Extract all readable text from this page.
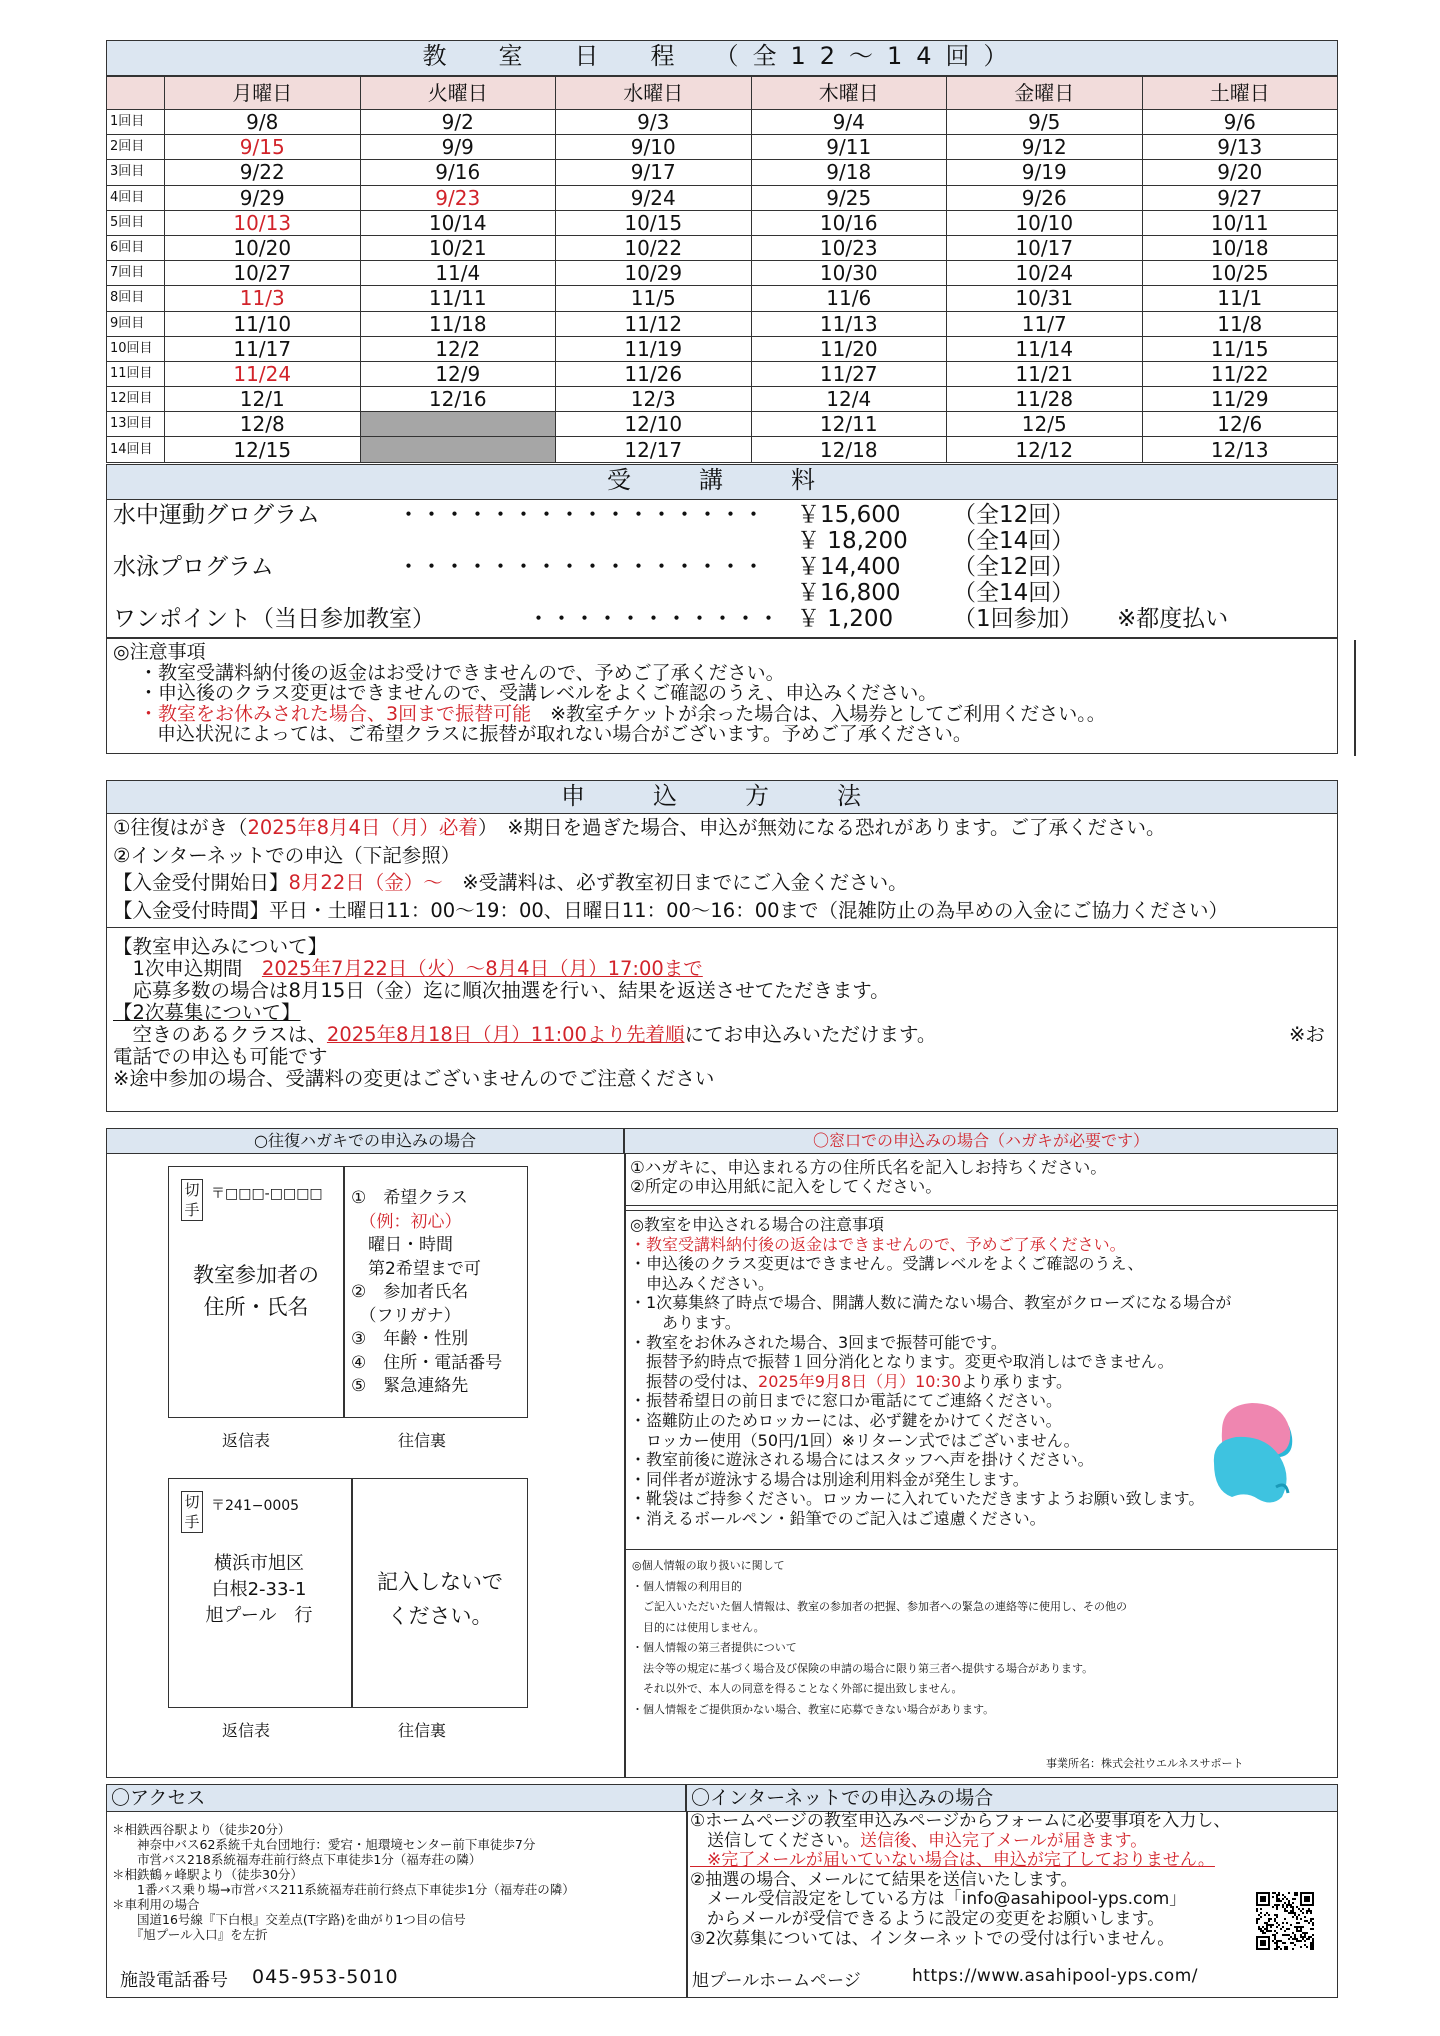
教　室　日　程　（全12～14回）
	月曜日	火曜日	水曜日	木曜日	金曜日	土曜日
1回目	9/8	9/2	9/3	9/4	9/5	9/6
2回目	9/15	9/9	9/10	9/11	9/12	9/13
3回目	9/22	9/16	9/17	9/18	9/19	9/20
4回目	9/29	9/23	9/24	9/25	9/26	9/27
5回目	10/13	10/14	10/15	10/16	10/10	10/11
6回目	10/20	10/21	10/22	10/23	10/17	10/18
7回目	10/27	11/4	10/29	10/30	10/24	10/25
8回目	11/3	11/11	11/5	11/6	10/31	11/1
9回目	11/10	11/18	11/12	11/13	11/7	11/8
10回目	11/17	12/2	11/19	11/20	11/14	11/15
11回目	11/24	12/9	11/26	11/27	11/21	11/22
12回目	12/1	12/16	12/3	12/4	11/28	11/29
13回目	12/8		12/10	12/11	12/5	12/6
14回目	12/15		12/17	12/18	12/12	12/13
受　講　料
水中運動グログラム	・・・・・・・・・・・・・・・・ ￥15,600 （全12回）
￥ 18,200 （全14回）
水泳プログラム	・・・・・・・・・・・・・・・・ ￥14,400 （全12回）
￥16,800 （全14回）
ワンポイント（当日参加教室）	・・・・・・・・・・・ ￥ 1,200	（1回参加） ※都度払い
◎注意事項
・教室受講料納付後の返金はお受けできませんので、予めご了承ください。
・申込後のクラス変更はできませんので、受講レベルをよくご確認のうえ、申込みください。
・教室をお休みされた場合、3回まで振替可能　※教室チケットが余った場合は、入場券としてご利用ください。。
申込状況によっては、ご希望クラスに振替が取れない場合がございます。予めご了承ください。
申　込　方　法
①往復はがき（2025年8月4日（月）必着）　※期日を過ぎた場合、申込が無効になる恐れがあります。ご了承ください。
②インターネットでの申込（下記参照）
【入金受付開始日】8月22日（金）～　※受講料は、必ず教室初日までにご入金ください。
【入金受付時間】平日・土曜日11：00～19：00、日曜日11：00～16：00まで（混雑防止の為早めの入金にご協力ください）
【教室申込みについて】
　1次申込期間　2025年7月22日（火）～8月4日（月）17:00まで
　応募多数の場合は8月15日（金）迄に順次抽選を行い、結果を返送させてただきます。
【2次募集について】
　空きのあるクラスは、2025年8月18日（月）11:00より先着順にてお申込みいただけます。	※お
電話での申込も可能です
※途中参加の場合、受講料の変更はございませんのでご注意ください
○往復ハガキでの申込みの場合	〇窓口での申込みの場合（ハガキが必要です）
切手
〒□□□-□□□□
教室参加者の
住所・氏名
①　希望クラス
　（例：初心）
　曜日・時間
　第2希望まで可
②　参加者氏名
　（フリガナ）
③　年齢・性別
④　住所・電話番号
⑤　緊急連絡先
返信表	往信裏
切手
〒241−0005
横浜市旭区
白根2-33-1
旭プール　行
記入しないで
ください。
返信表	往信裏
①ハガキに、申込まれる方の住所氏名を記入しお持ちください。
②所定の申込用紙に記入をしてください。
◎教室を申込される場合の注意事項
・教室受講料納付後の返金はできませんので、予めご了承ください。
・申込後のクラス変更はできません。受講レベルをよくご確認のうえ、
　申込みください。
・1次募集終了時点で場合、開講人数に満たない場合、教室がクローズになる場合が
　　あります。
・教室をお休みされた場合、3回まで振替可能です。
　振替予約時点で振替１回分消化となります。変更や取消しはできません。
　振替の受付は、2025年9月8日（月）10:30より承ります。
・振替希望日の前日までに窓口か電話にてご連絡ください。
・盗難防止のためロッカーには、必ず鍵をかけてください。
　ロッカー使用（50円/1回）※リターン式ではございません。
・教室前後に遊泳される場合にはスタッフへ声を掛けください。
・同伴者が遊泳する場合は別途利用料金が発生します。
・靴袋はご持参ください。ロッカーに入れていただきますようお願い致します。
・消えるボールペン・鉛筆でのご記入はご遠慮ください。
◎個人情報の取り扱いに関して
・個人情報の利用目的
　ご記入いただいた個人情報は、教室の参加者の把握、参加者への緊急の連絡等に使用し、その他の
　目的には使用しません。
・個人情報の第三者提供について
　法令等の規定に基づく場合及び保険の申請の場合に限り第三者へ提供する場合があります。
　それ以外で、本人の同意を得ることなく外部に提出致しません。
・個人情報をご提供頂かない場合、教室に応募できない場合があります。
事業所名：株式会社ウエルネスサポート
〇アクセス	〇インターネットでの申込みの場合
＊相鉄西谷駅より（徒歩20分）
　　神奈中バス62系統千丸台団地行：愛宕・旭環境センター前下車徒歩7分
　　市営バス218系統福寿荘前行終点下車徒歩1分（福寿荘の隣）
＊相鉄鶴ヶ峰駅より（徒歩30分）
　　1番バス乗り場→市営バス211系統福寿荘前行終点下車徒歩1分（福寿荘の隣）
＊車利用の場合
　　国道16号線『下白根』交差点(T字路)を曲がり1つ目の信号
　　『旭プール入口』を左折
施設電話番号 045-953-5010
①ホームページの教室申込みページからフォームに必要事項を入力し、
　送信してください。送信後、申込完了メールが届きます。
　※完了メールが届いていない場合は、申込が完了しておりません。
②抽選の場合、メールにて結果を送信いたします。
　メール受信設定をしている方は「info@asahipool-yps.com」
　からメールが受信できるように設定の変更をお願いします。
③2次募集については、インターネットでの受付は行いません。
旭プールホームページ	https://www.asahipool-yps.com/
